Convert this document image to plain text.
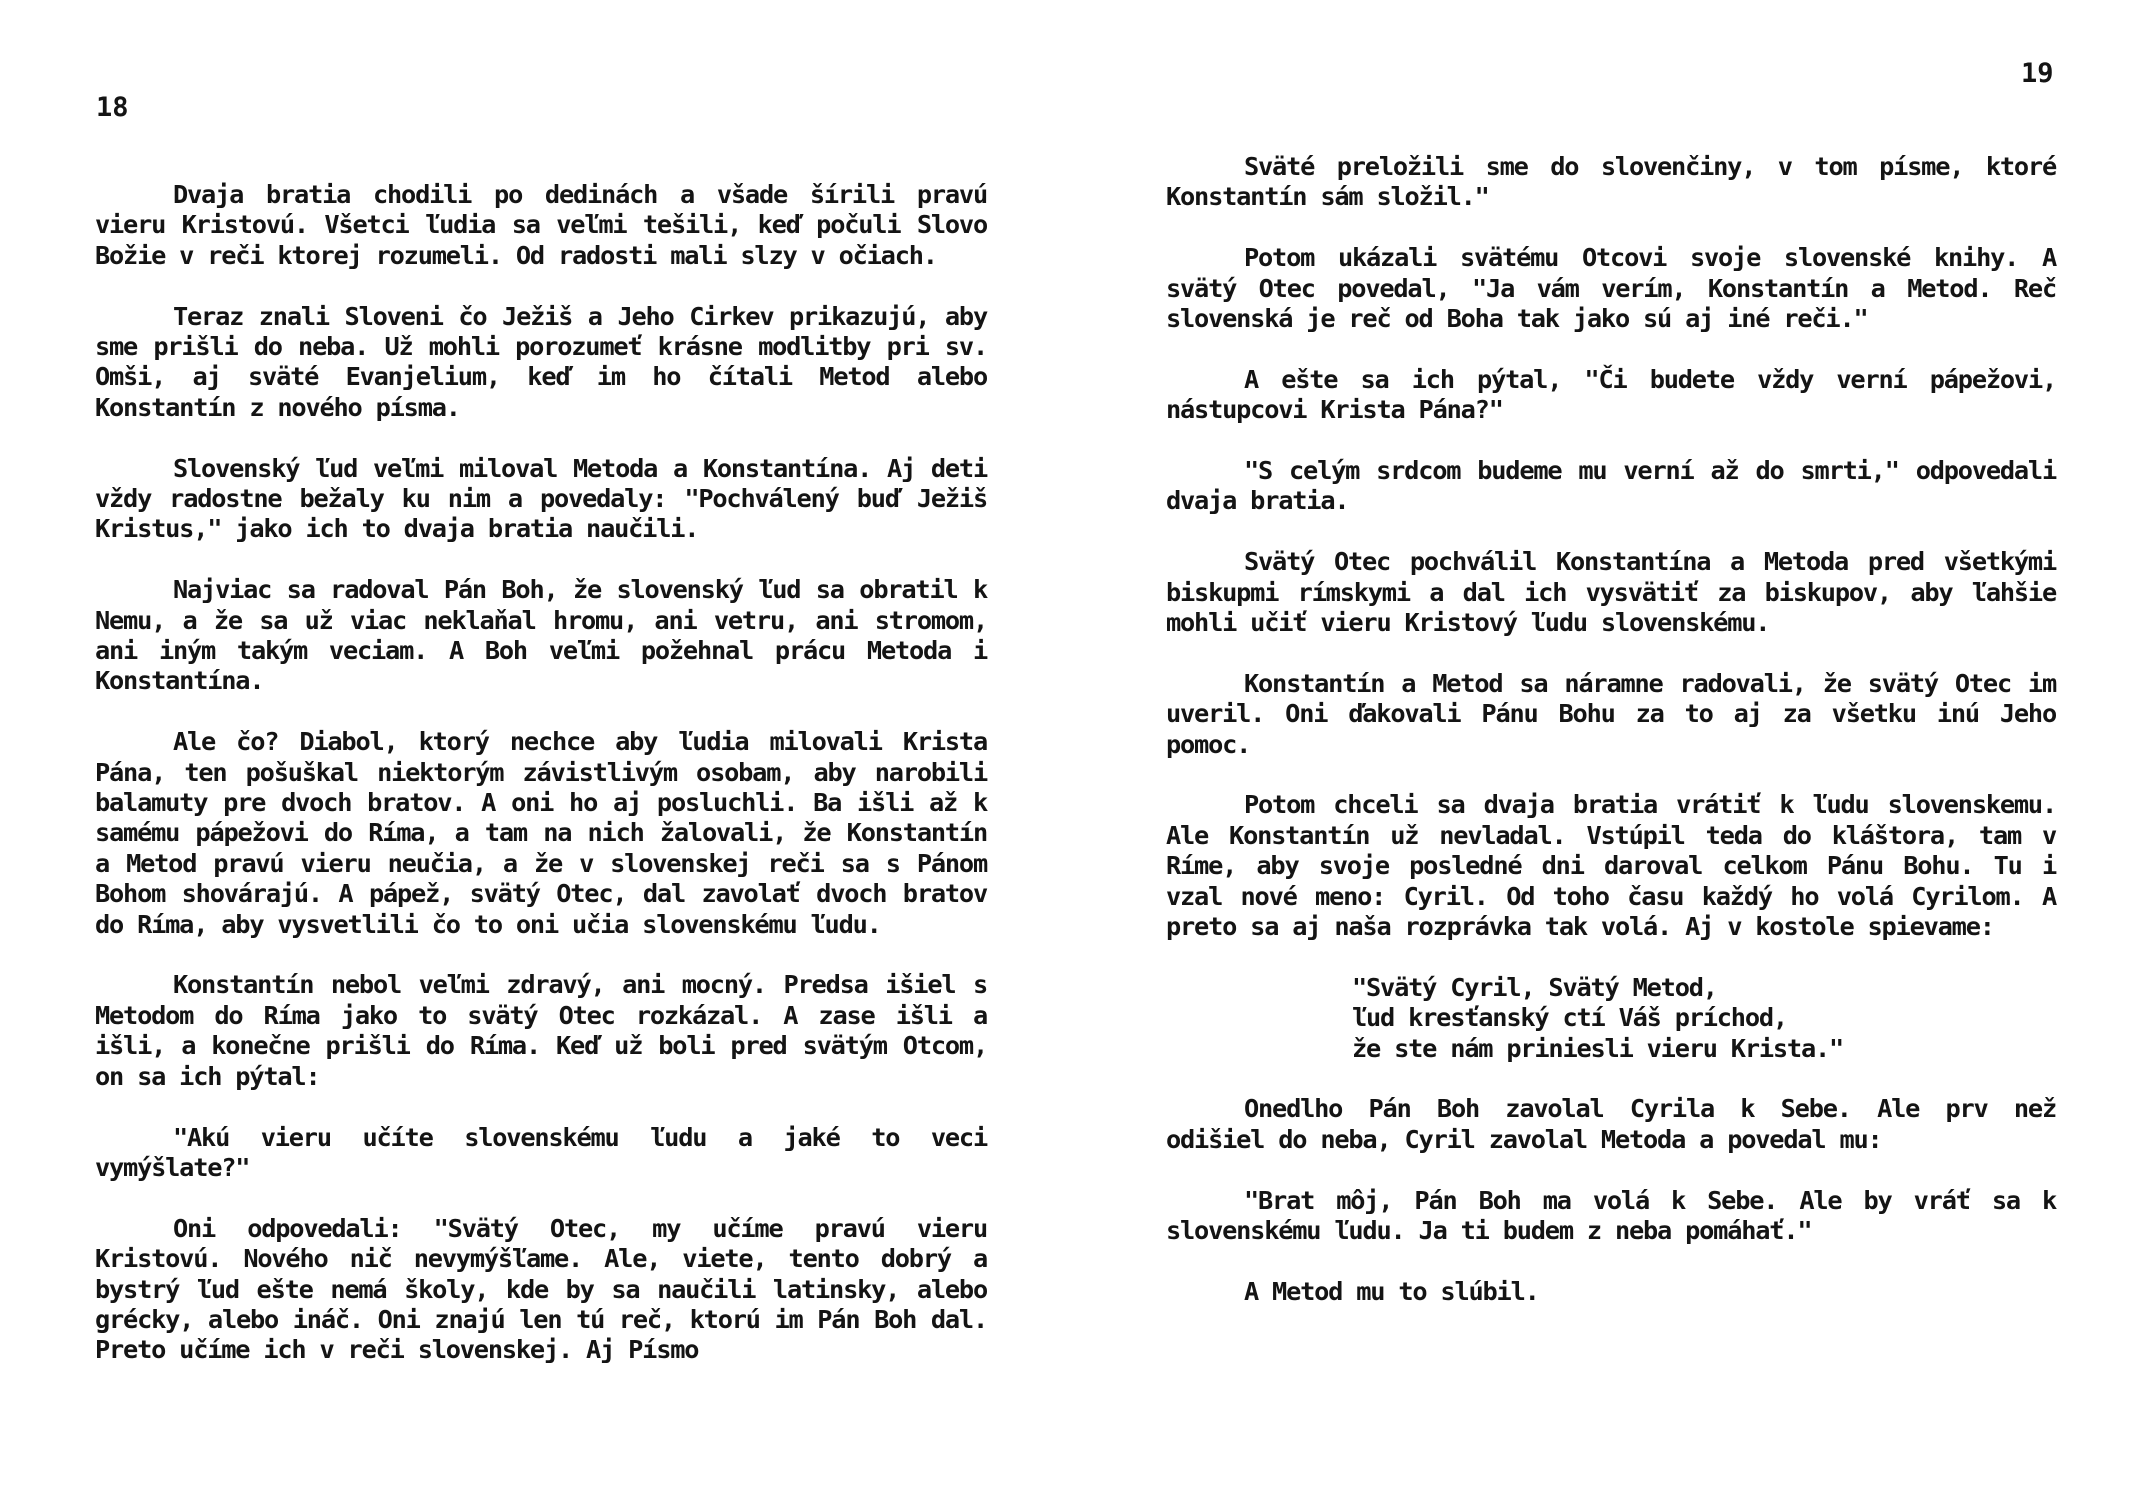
18

Dvaja bratia chodili po dedinách a všade šírili pravú vieru Kristovú. Všetci ľudia sa veľmi tešili, keď počuli Slovo Božie v reči ktorej rozumeli. Od radosti mali slzy v očiach.

Teraz znali Sloveni čo Ježiš a Jeho Cirkev prikazujú, aby sme prišli do neba. Už mohli porozumeť krásne modlitby pri sv. Omši, aj sväté Evanjelium, keď im ho čítali Metod alebo Konstantín z nového písma.

Slovenský ľud veľmi miloval Metoda a Konstantína. Aj deti vždy radostne bežaly ku nim a povedaly: "Pochválený buď Ježiš Kristus," jako ich to dvaja bratia naučili.

Najviac sa radoval Pán Boh, že slovenský ľud sa obratil k Nemu, a že sa už viac neklaňal hromu, ani vetru, ani stromom, ani iným takým veciam. A Boh veľmi požehnal prácu Metoda i Konstantína.

Ale čo? Diabol, ktorý nechce aby ľudia milovali Krista Pána, ten pošuškal niektorým závistlivým osobam, aby narobili balamuty pre dvoch bratov. A oni ho aj posluchli. Ba išli až k samému pápežovi do Ríma, a tam na nich žalovali, že Konstantín a Metod pravú vieru neučia, a že v slovenskej reči sa s Pánom Bohom shovárajú. A pápež, svätý Otec, dal zavolať dvoch bratov do Ríma, aby vysvetlili čo to oni učia slovenskému ľudu.

Konstantín nebol veľmi zdravý, ani mocný. Predsa išiel s Metodom do Ríma jako to svätý Otec rozkázal. A zase išli a išli, a konečne prišli do Ríma. Keď už boli pred svätým Otcom, on sa ich pýtal:

"Akú vieru učíte slovenskému ľudu a jaké to veci vymýšlate?"

Oni odpovedali: "Svätý Otec, my učíme pravú vieru Kristovú. Nového nič nevymýšľame. Ale, viete, tento dobrý a bystrý ľud ešte nemá školy, kde by sa naučili latinsky, alebo grécky, alebo ináč. Oni znajú len tú reč, ktorú im Pán Boh dal. Preto učíme ich v reči slovenskej. Aj Písmo

19

Sväté preložili sme do slovenčiny, v tom písme, ktoré Konstantín sám složil."

Potom ukázali svätému Otcovi svoje slovenské knihy. A svätý Otec povedal, "Ja vám verím, Konstantín a Metod. Reč slovenská je reč od Boha tak jako sú aj iné reči."

A ešte sa ich pýtal, "Či budete vždy verní pápežovi, nástupcovi Krista Pána?"

"S celým srdcom budeme mu verní až do smrti," odpovedali dvaja bratia.

Svätý Otec pochválil Konstantína a Metoda pred všetkými biskupmi rímskymi a dal ich vysvätiť za biskupov, aby ľahšie mohli učiť vieru Kristový ľudu slovenskému.

Konstantín a Metod sa náramne radovali, že svätý Otec im uveril. Oni ďakovali Pánu Bohu za to aj za všetku inú Jeho pomoc.

Potom chceli sa dvaja bratia vrátiť k ľudu slovenskemu. Ale Konstantín už nevladal. Vstúpil teda do kláštora, tam v Ríme, aby svoje posledné dni daroval celkom Pánu Bohu. Tu i vzal nové meno: Cyril. Od toho času každý ho volá Cyrilom. A preto sa aj naša rozprávka tak volá. Aj v kostole spievame:

"Svätý Cyril, Svätý Metod,
ľud kresťanský ctí Váš príchod,
že ste nám priniesli vieru Krista."

Onedlho Pán Boh zavolal Cyrila k Sebe. Ale prv než odišiel do neba, Cyril zavolal Metoda a povedal mu:

"Brat môj, Pán Boh ma volá k Sebe. Ale by vráť sa k slovenskému ľudu. Ja ti budem z neba pomáhať."

A Metod mu to slúbil.
